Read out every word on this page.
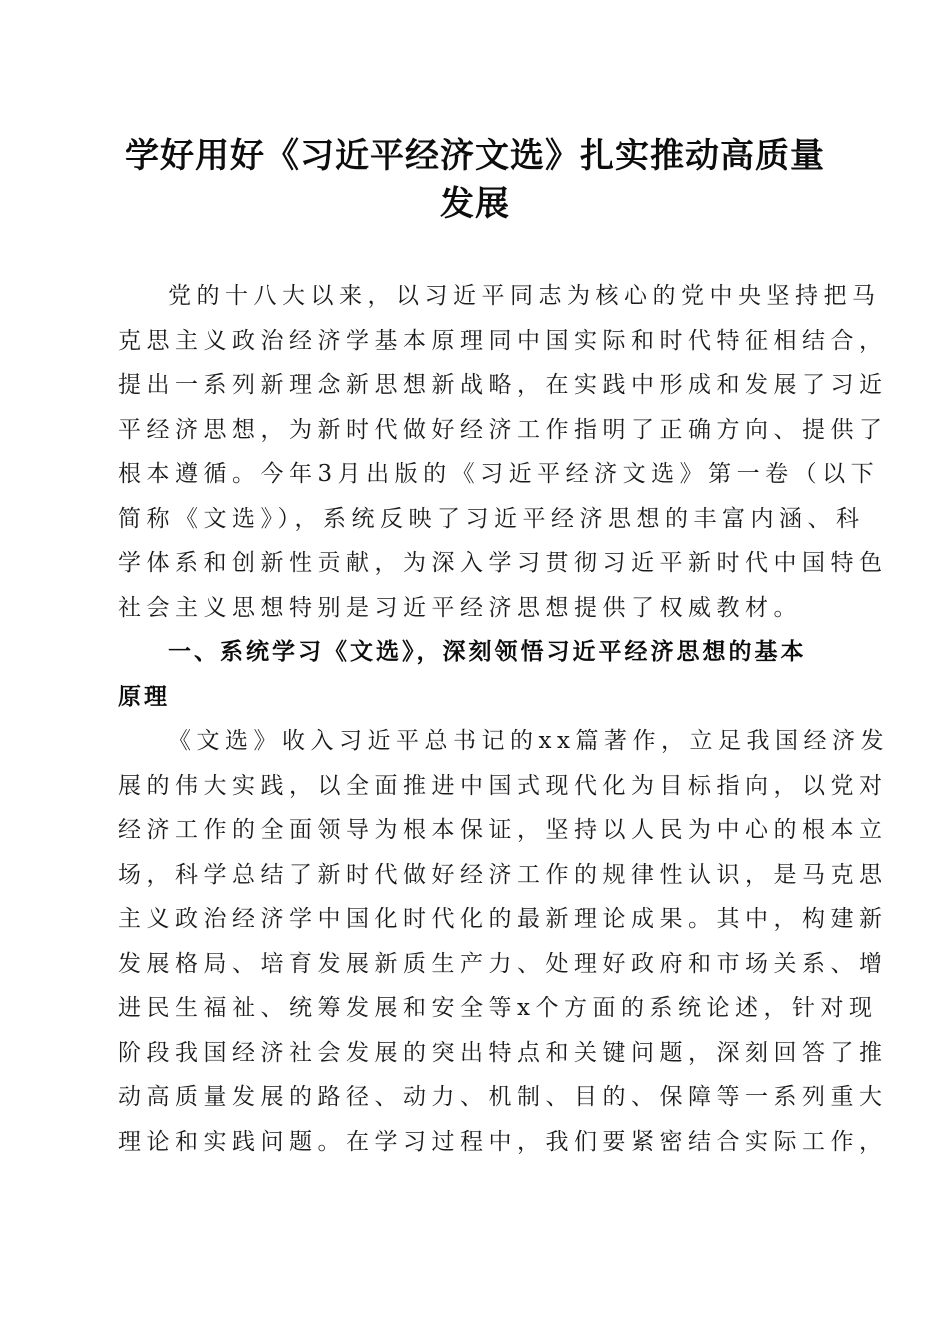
学好用好《习近平经济文选》扎实推动高质量
发展
党的十八大以来，以习近平同志为核心的党中央坚持把马
克思主义政治经济学基本原理同中国实际和时代特征相结合，
提出一系列新理念新思想新战略，在实践中形成和发展了习近
平经济思想，为新时代做好经济工作指明了正确方向、提供了
根本遵循。今年3月出版的《习近平经济文选》第一卷（以下
简称《文选》），系统反映了习近平经济思想的丰富内涵、科
学体系和创新性贡献，为深入学习贯彻习近平新时代中国特色
社会主义思想特别是习近平经济思想提供了权威教材。
一、系统学习《文选》，深刻领悟习近平经济思想的基本
原理
《文选》收入习近平总书记的xx篇著作，立足我国经济发
展的伟大实践，以全面推进中国式现代化为目标指向，以党对
经济工作的全面领导为根本保证，坚持以人民为中心的根本立
场，科学总结了新时代做好经济工作的规律性认识，是马克思
主义政治经济学中国化时代化的最新理论成果。其中，构建新
发展格局、培育发展新质生产力、处理好政府和市场关系、增
进民生福祉、统筹发展和安全等x个方面的系统论述，针对现
阶段我国经济社会发展的突出特点和关键问题，深刻回答了推
动高质量发展的路径、动力、机制、目的、保障等一系列重大
理论和实践问题。在学习过程中，我们要紧密结合实际工作，
